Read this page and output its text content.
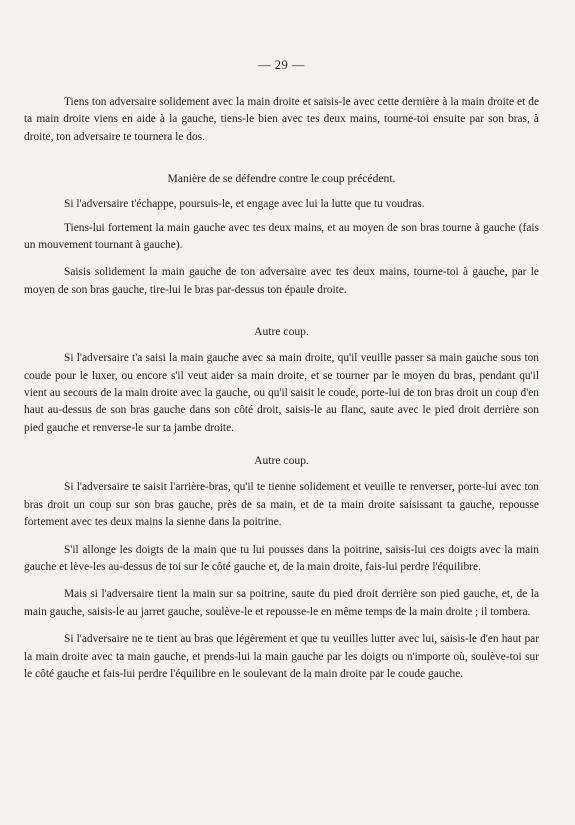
— 29 —

Tiens ton adversaire solidement avec la main droite et saisis-le avec cette dernière à la main droite et de ta main droite viens en aide à la gauche, tiens-le bien avec tes deux mains, tourne-toi ensuite par son bras, à droite, ton adversaire te tournera le dos.

Manière de se défendre contre le coup précédent.

Si l'adversaire t'échappe, poursuis-le, et engage avec lui la lutte que tu voudras.

Tiens-lui fortement la main gauche avec tes deux mains, et au moyen de son bras tourne à gauche (fais un mouvement tournant à gauche).

Saisis solidement la main gauche de ton adversaire avec tes deux mains, tourne-toi à gauche, par le moyen de son bras gauche, tire-lui le bras par-dessus ton épaule droite.

Autre coup.

Si l'adversaire t'a saisi la main gauche avec sa main droite, qu'il veuille passer sa main gauche sous ton coude pour le luxer, ou encore s'il veut aider sa main droite, et se tourner par le moyen du bras, pendant qu'il vient au secours de la main droite avec la gauche, ou qu'il saisit le coude, porte-lui de ton bras droit un coup d'en haut au-dessus de son bras gauche dans son côté droit, saisis-le au flanc, saute avec le pied droit derrière son pied gauche et renverse-le sur ta jambe droite.

Autre coup.

Si l'adversaire te saisit l'arrière-bras, qu'il te tienne solidement et veuille te renverser, porte-lui avec ton bras droit un coup sur son bras gauche, près de sa main, et de ta main droite saisissant ta gauche, repousse fortement avec tes deux mains la sienne dans la poitrine.

S'il allonge les doigts de la main que tu lui pousses dans la poitrine, saisis-lui ces doigts avec la main gauche et lève-les au-dessus de toi sur le côté gauche et, de la main droite, fais-lui perdre l'équilibre.

Mais si l'adversaire tient la main sur sa poitrine, saute du pied droit derrière son pied gauche, et, de la main gauche, saisis-le au jarret gauche, soulève-le et repousse-le en même temps de la main droite ; il tombera.

Si l'adversaire ne te tient au bras que légèrement et que tu veuilles lutter avec lui, saisis-le d'en haut par la main droite avec ta main gauche, et prends-lui la main gauche par les doigts ou n'importe où, soulève-toi sur le côté gauche et fais-lui perdre l'équilibre en le soulevant de la main droite par le coude gauche.
